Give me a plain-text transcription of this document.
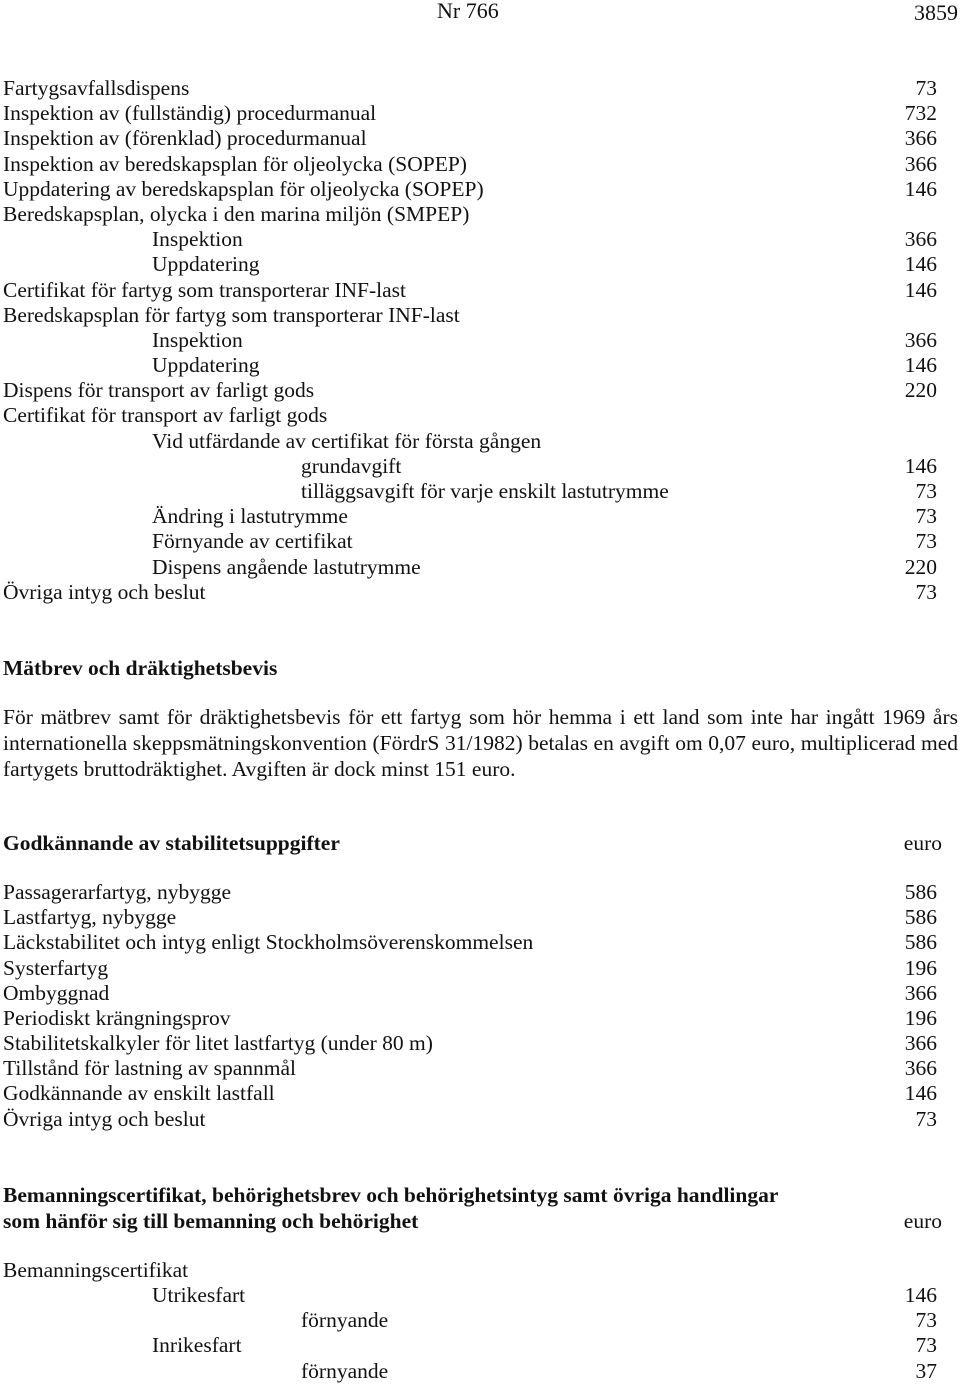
Nr 766	3859
Fartygsavfallsdispens	73
Inspektion av (fullständig) procedurmanual	732
Inspektion av (förenklad) procedurmanual	366
Inspektion av beredskapsplan för oljeolycka (SOPEP)	366
Uppdatering av beredskapsplan för oljeolycka (SOPEP)	146
Beredskapsplan, olycka i den marina miljön (SMPEP)
Inspektion	366
Uppdatering	146
Certifikat för fartyg som transporterar INF-last	146
Beredskapsplan för fartyg som transporterar INF-last
Inspektion	366
Uppdatering	146
Dispens för transport av farligt gods	220
Certifikat för transport av farligt gods
Vid utfärdande av certifikat för första gången
grundavgift	146
tilläggsavgift för varje enskilt lastutrymme	73
Ändring i lastutrymme	73
Förnyande av certifikat	73
Dispens angående lastutrymme	220
Övriga intyg och beslut	73
Mätbrev och dräktighetsbevis
För mätbrev samt för dräktighetsbevis för ett fartyg som hör hemma i ett land som inte har ingått 1969 års internationella skeppsmätningskonvention (FördrS 31/1982) betalas en avgift om 0,07 euro, multiplicerad med fartygets bruttodräktighet. Avgiften är dock minst 151 euro.
Godkännande av stabilitetsuppgifter	euro
Passagerarfartyg, nybygge	586
Lastfartyg, nybygge	586
Läckstabilitet och intyg enligt Stockholmsöverenskommelsen	586
Systerfartyg	196
Ombyggnad	366
Periodiskt krängningsprov	196
Stabilitetskalkyler för litet lastfartyg (under 80 m)	366
Tillstånd för lastning av spannmål	366
Godkännande av enskilt lastfall	146
Övriga intyg och beslut	73
Bemanningscertifikat, behörighetsbrev och behörighetsintyg samt övriga handlingar
som hänför sig till bemanning och behörighet	euro
Bemanningscertifikat
Utrikesfart	146
förnyande	73
Inrikesfart	73
förnyande	37
